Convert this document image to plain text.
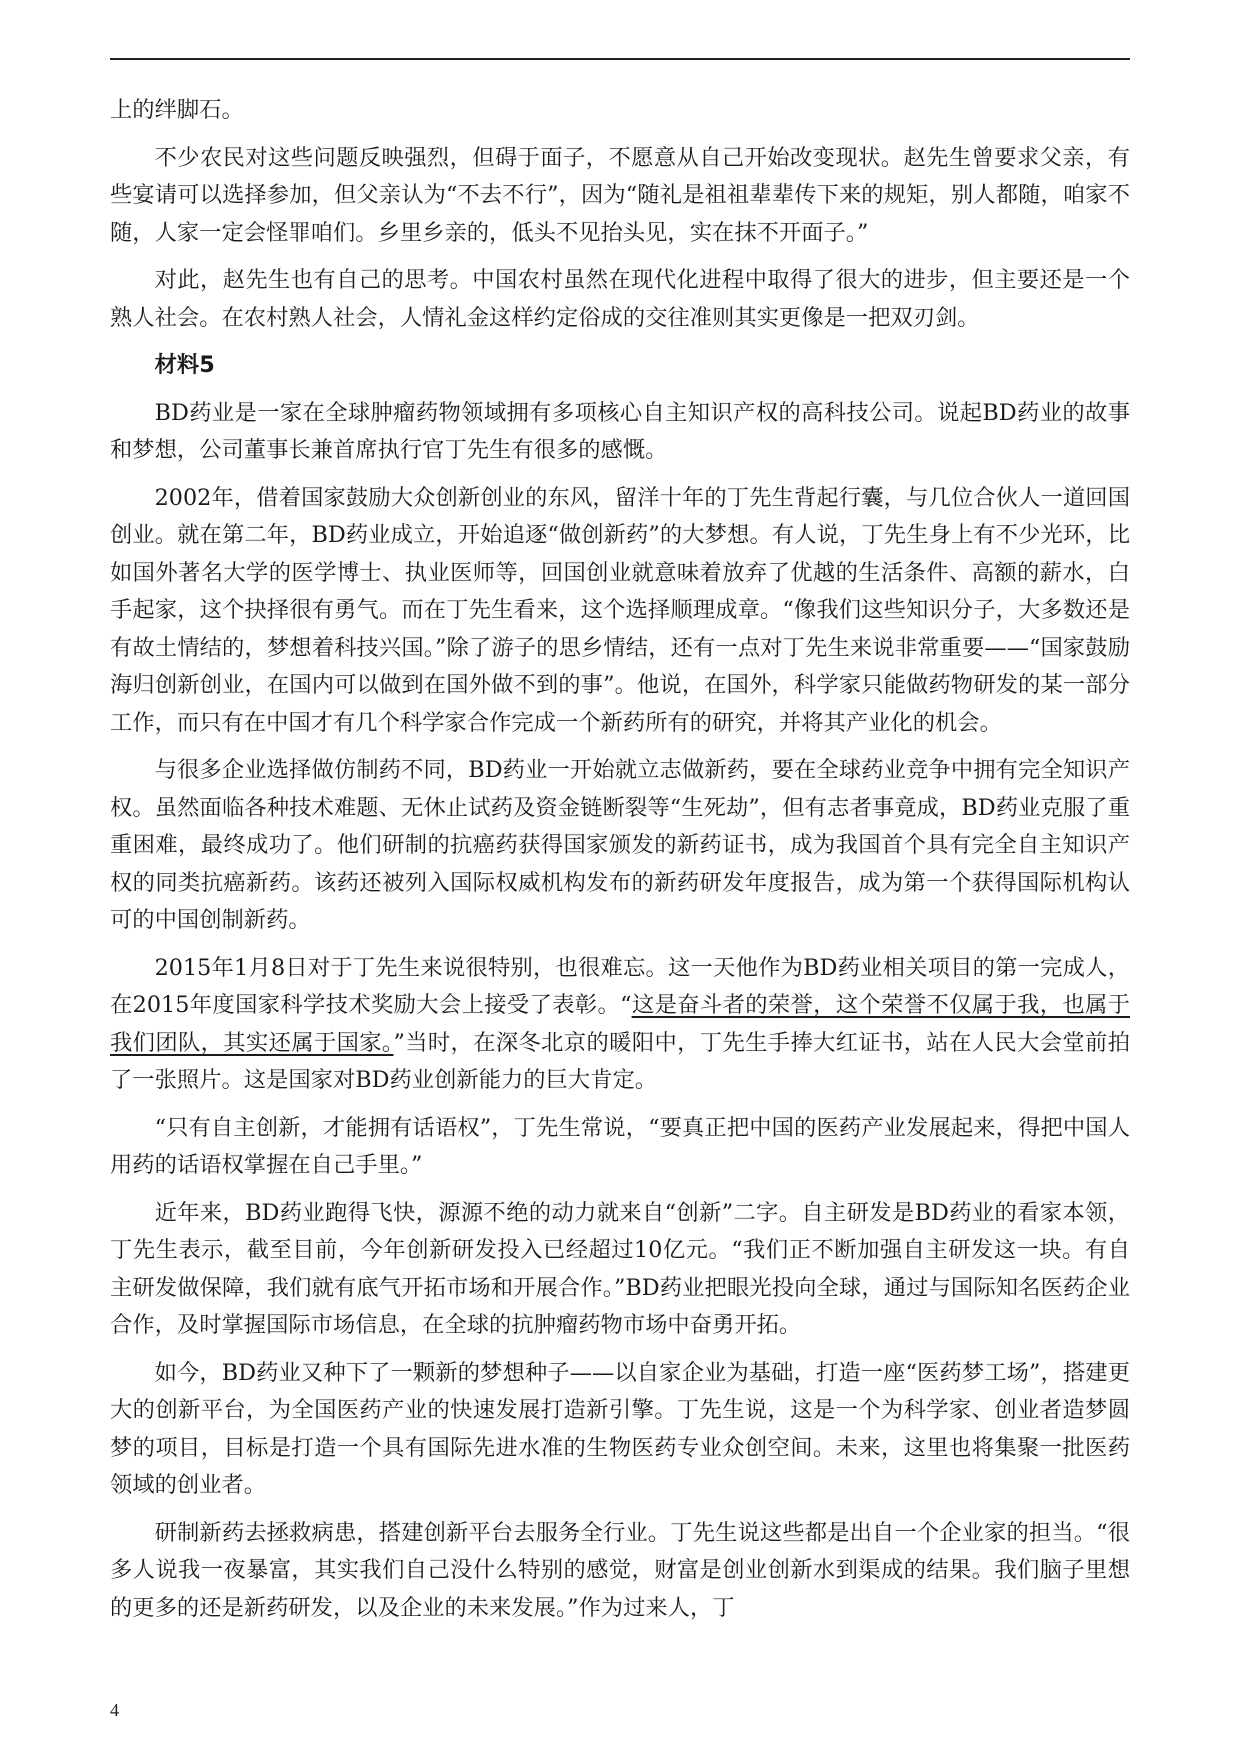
上的绊脚石。

不少农民对这些问题反映强烈，但碍于面子，不愿意从自己开始改变现状。赵先生曾要求父亲，有些宴请可以选择参加，但父亲认为“不去不行”，因为“随礼是祖祖辈辈传下来的规矩，别人都随，咱家不随，人家一定会怪罪咱们。乡里乡亲的，低头不见抬头见，实在抹不开面子。”

对此，赵先生也有自己的思考。中国农村虽然在现代化进程中取得了很大的进步，但主要还是一个熟人社会。在农村熟人社会，人情礼金这样约定俗成的交往准则其实更像是一把双刃剑。

材料5

BD药业是一家在全球肿瘤药物领域拥有多项核心自主知识产权的高科技公司。说起BD药业的故事和梦想，公司董事长兼首席执行官丁先生有很多的感慨。

2002年，借着国家鼓励大众创新创业的东风，留洋十年的丁先生背起行囊，与几位合伙人一道回国创业。就在第二年，BD药业成立，开始追逐“做创新药”的大梦想。有人说，丁先生身上有不少光环，比如国外著名大学的医学博士、执业医师等，回国创业就意味着放弃了优越的生活条件、高额的薪水，白手起家，这个抉择很有勇气。而在丁先生看来，这个选择顺理成章。“像我们这些知识分子，大多数还是有故土情结的，梦想着科技兴国。”除了游子的思乡情结，还有一点对丁先生来说非常重要——“国家鼓励海归创新创业，在国内可以做到在国外做不到的事”。他说，在国外，科学家只能做药物研发的某一部分工作，而只有在中国才有几个科学家合作完成一个新药所有的研究，并将其产业化的机会。

与很多企业选择做仿制药不同，BD药业一开始就立志做新药，要在全球药业竞争中拥有完全知识产权。虽然面临各种技术难题、无休止试药及资金链断裂等“生死劫”，但有志者事竟成，BD药业克服了重重困难，最终成功了。他们研制的抗癌药获得国家颁发的新药证书，成为我国首个具有完全自主知识产权的同类抗癌新药。该药还被列入国际权威机构发布的新药研发年度报告，成为第一个获得国际机构认可的中国创制新药。

2015年1月8日对于丁先生来说很特别，也很难忘。这一天他作为BD药业相关项目的第一完成人，在2015年度国家科学技术奖励大会上接受了表彰。“这是奋斗者的荣誉，这个荣誉不仅属于我，也属于我们团队，其实还属于国家。”当时，在深冬北京的暖阳中，丁先生手捧大红证书，站在人民大会堂前拍了一张照片。这是国家对BD药业创新能力的巨大肯定。

“只有自主创新，才能拥有话语权”，丁先生常说，“要真正把中国的医药产业发展起来，得把中国人用药的话语权掌握在自己手里。”

近年来，BD药业跑得飞快，源源不绝的动力就来自“创新”二字。自主研发是BD药业的看家本领，丁先生表示，截至目前，今年创新研发投入已经超过10亿元。“我们正不断加强自主研发这一块。有自主研发做保障，我们就有底气开拓市场和开展合作。”BD药业把眼光投向全球，通过与国际知名医药企业合作，及时掌握国际市场信息，在全球的抗肿瘤药物市场中奋勇开拓。

如今，BD药业又种下了一颗新的梦想种子——以自家企业为基础，打造一座“医药梦工场”，搭建更大的创新平台，为全国医药产业的快速发展打造新引擎。丁先生说，这是一个为科学家、创业者造梦圆梦的项目，目标是打造一个具有国际先进水准的生物医药专业众创空间。未来，这里也将集聚一批医药领域的创业者。

研制新药去拯救病患，搭建创新平台去服务全行业。丁先生说这些都是出自一个企业家的担当。“很多人说我一夜暴富，其实我们自己没什么特别的感觉，财富是创业创新水到渠成的结果。我们脑子里想的更多的还是新药研发，以及企业的未来发展。”作为过来人，丁

4
